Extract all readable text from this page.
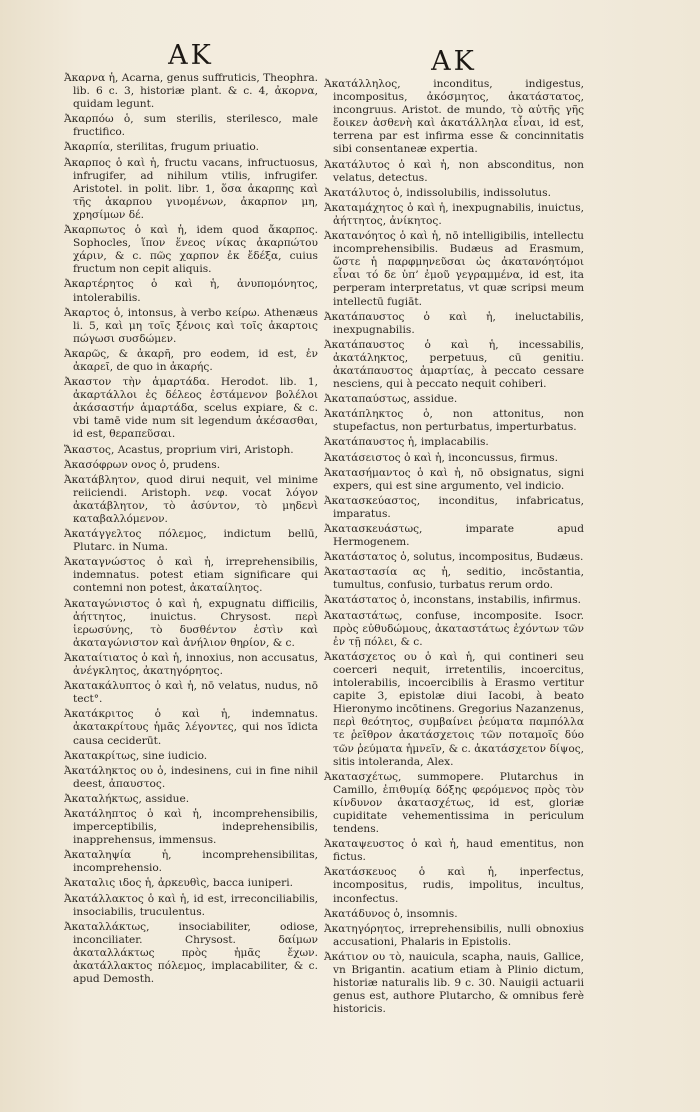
AK

Ἀκαρνα ἡ, Acarna, genus suffruticis, Theophra. lib. 6 c. 3, historiæ plant. & c. 4, ἀκορνα, quidam legunt.

Ἀκαρπόω ὁ, sum sterilis, sterilesco, male fructifico.

Ἀκαρπία, sterilitas, frugum priuatio.

Ἀκαρπος ὁ καὶ ἡ, fructu vacans, infructuosus, infrugifer, ad nihilum vtilis, infrugifer. Aristotel. in polit. libr. 1, ὅσα ἀκαρπης καὶ τῆς ἀκαρπου γινομένων, ἀκαρπον μη, χρησίμων δέ.

Ἀκαρπωτος ὁ καὶ ἡ, idem quod ἄκαρπος. Sophocles, ἵπον ἕνεος νίκας ἀκαρπώτου χάριν, & c. πῶς χαρπον ἐκ ἔδέξα, cuius fructum non cepit aliquis.

Ἀκαρτέρητος ὁ καὶ ἡ, ἀνυπομόνητος, intolerabilis.

Ἀκαρτος ὁ, intonsus, à verbo κείρω. Athenæus li. 5, καὶ μη τοῖς ξένοις καὶ τοῖς ἀκαρτοις πώγωσι συσδώμεν.

Ἀκαρῶς, & ἀκαρῆ, pro eodem, id est, ἐν ἀκαρεῖ, de quo in ἀκαρής.

Ἀκαστον τὴν ἁμαρτάδα. Herodot. lib. 1, ἀκαρτάλλοι ἐς δέλεος ἐστάμενον βολέλοι ἀκάσαστήν ἁμαρτάδα, scelus expiare, & c. vbi tamē vide num sit legendum ἀκέσασθαι, id est, θεραπεῦσαι.

Ἄκαστος, Acastus, proprium viri, Aristoph.

Ἀκασόφρων ονος ὁ, prudens.

Ἀκατάβλητον, quod dirui nequit, vel minime reiiciendi. Aristoph. νεφ. vocat λόγον ἀκατάβλητον, τὸ ἀσύντον, τὸ μηδενὶ καταβαλλόμενον.

Ἀκατάγγελτος πόλεμος, indictum bellū, Plutarc. in Numa.

Ἀκαταγνώστος ὁ καὶ ἡ, irreprehensibilis, indemnatus. potest etiam significare qui contemni non potest, ἀκαταίλητος.

Ἀκαταγώνιστος ὁ καὶ ἡ, expugnatu difficilis, ἀήττητος, inuictus. Chrysost. περὶ ἱερωσύνης, τὸ δυσθέντον ἐστὶν καὶ ἀκαταγώνιστον καὶ ἀνήλιον θηρίον, & c.

Ἀκαταίτιατος ὁ καὶ ἡ, innoxius, non accusatus, ἀνέγκλητος, ἀκατηγόρητος.

Ἀκατακάλυπτος ὁ καὶ ἡ, nō velatus, nudus, nō tect°.

Ἀκατάκριτος ὁ καὶ ἡ, indemnatus. ἀκατακρίτους ἡμᾶς λέγοντες, qui nos īdicta causa ceciderūt.

Ἀκατακρίτως, sine iudicio.

Ἀκατάληκτος ου ὁ, indesinens, cui in fine nihil deest, ἀπαυστος.

Ἀκαταλήκτως, assidue.

Ἀκατάληπτος ὁ καὶ ἡ, incomprehensibilis, imperceptibilis, indeprehensibilis, inapprehensus, immensus.

Ἀκαταληψία ἡ, incomprehensibilitas, incomprehensio.

Ἀκαταλις ιδος ἡ, ἀρκευθὶς, bacca iuniperi.

Ἀκατάλλακτος ὁ καὶ ἡ, id est, irreconciliabilis, insociabilis, truculentus.

Ἀκαταλλάκτως, insociabiliter, odiose, inconciliater. Chrysost. δαίμων ἀκαταλλάκτως πρὸς ἡμᾶς ἔχων. ἀκατάλλακτος πόλεμος, implacabiliter, & c. apud Demosth.

AK

Ἀκατάλληλος, inconditus, indigestus, incompositus, ἀκόσμητος, ἀκατάστατος, incongruus. Aristot. de mundo, τὸ αὐτῆς γῆς ἔοικεν ἀσθενὴ καὶ ἀκατάλληλα εἶναι, id est, terrena par est infirma esse & concinnitatis sibi consentaneæ expertia.

Ἀκατάλυτος ὁ καὶ ἡ, non absconditus, non velatus, detectus.

Ἀκατάλυτος ὁ, indissolubilis, indissolutus.

Ἀκαταμάχητος ὁ καὶ ἡ, inexpugnabilis, inuictus, ἀήττητος, ἀνίκητος.

Ἀκατανόητος ὁ καὶ ἡ, nō intelligibilis, intellectu incomprehensibilis. Budæus ad Erasmum, ὥστε ἡ παρφμηνεῦσαι ὡς ἀκατανόητόμοι εἶναι τό δε ὑπ’ ἐμοῦ γεγραμμένα, id est, ita perperam interpretatus, vt quæ scripsi meum intellectū fugiāt.

Ἀκατάπαυστος ὁ καὶ ἡ, ineluctabilis, inexpugnabilis.

Ἀκατάπαυστος ὁ καὶ ἡ, incessabilis, ἀκατάληκτος, perpetuus, cū genitiu. ἀκατάπαυστος ἁμαρτίας, à peccato cessare nesciens, qui à peccato nequit cohiberi.

Ἀκαταπαύστως, assidue.

Ἀκατάπληκτος ὁ, non attonitus, non stupefactus, non perturbatus, imperturbatus.

Ἀκατάπαυστος ἡ, implacabilis.

Ἀκατάσειστος ὁ καὶ ἡ, inconcussus, firmus.

Ἀκατασήμαντος ὁ καὶ ἡ, nō obsignatus, signi expers, qui est sine argumento, vel indicio.

Ἀκατασκεύαστος, inconditus, infabricatus, imparatus.

Ἀκατασκευάστως, imparate apud Hermogenem.

Ἀκατάστατος ὁ, solutus, incompositus, Budæus.

Ἀκαταστασία ας ἡ, seditio, incōstantia, tumultus, confusio, turbatus rerum ordo.

Ἀκατάστατος ὁ, inconstans, instabilis, infirmus.

Ἀκαταστάτως, confuse, incomposite. Isocr. πρὸς εὐθυδώμους, ἀκαταστάτως ἐχόντων τῶν ἐν τῇ πόλει, & c.

Ἀκατάσχετος ου ὁ καὶ ἡ, qui contineri seu coerceri nequit, irretentilis, incoercitus, intolerabilis, incoercibilis à Erasmo vertitur capite 3, epistolæ diui Iacobi, à beato Hieronymo incōtinens. Gregorius Nazanzenus, περὶ θεότητος, συμβαίνει ῥεύματα παμπόλλα τε ῥεῖθρον ἀκατάσχετοις τῶν ποταμοῖς δύο τῶν ῥεύματα ἡμνεῖν, & c. ἀκατάσχετον δίψος, sitis intoleranda, Alex.

Ἀκατασχέτως, summopere. Plutarchus in Camillo, ἐπιθυμίᾳ δόξης φερόμενος πρὸς τὸν κίνδυνον ἀκατασχέτως, id est, gloriæ cupiditate vehementissima in periculum tendens.

Ἀκαταψευστος ὁ καὶ ἡ, haud ementitus, non fictus.

Ἀκατάσκευος ὁ καὶ ἡ, inperfectus, incompositus, rudis, impolitus, incultus, inconfectus.

Ἀκατάδυνος ὁ, insomnis.

Ἀκατηγόρητος, irreprehensibilis, nulli obnoxius accusationi, Phalaris in Epistolis.

Ἀκάτιον ου τὸ, nauicula, scapha, nauis, Gallice, vn Brigantin. acatium etiam à Plinio dictum, historiæ naturalis lib. 9 c. 30. Nauigii actuarii genus est, authore Plutarcho, & omnibus ferè historicis.
